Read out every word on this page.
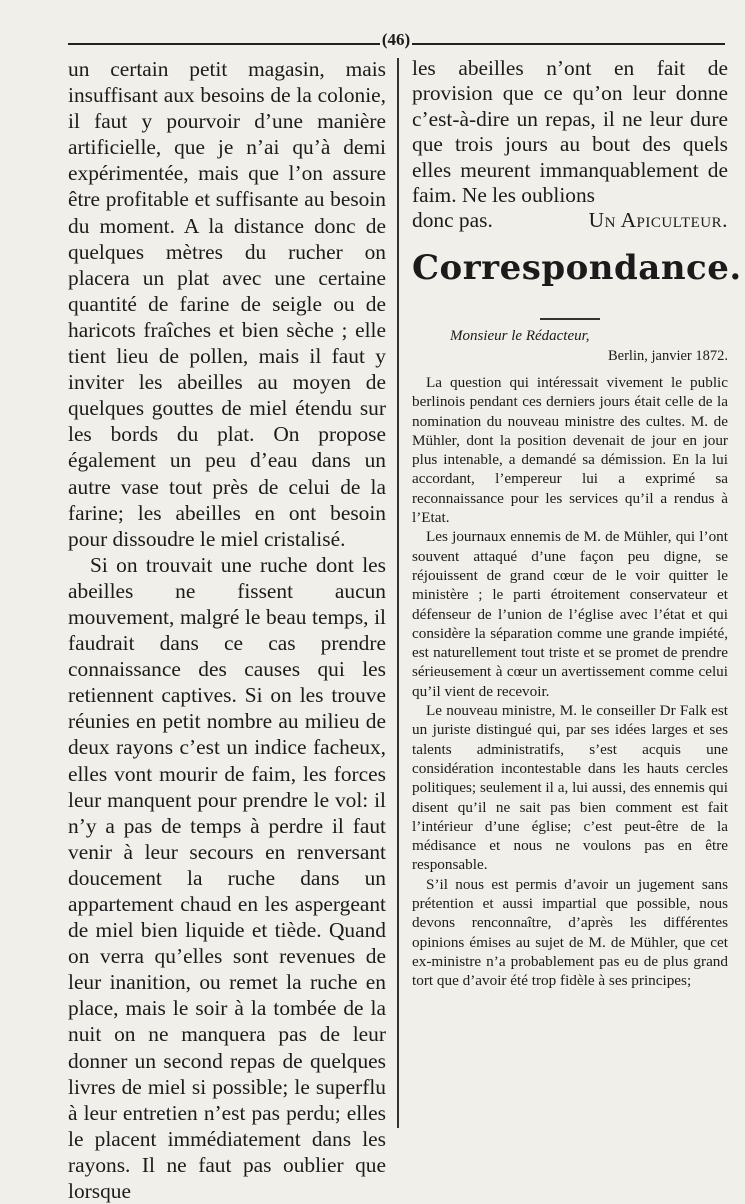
(46)

un certain petit magasin, mais insuffisant aux besoins de la colonie, il faut y pourvoir d’une manière artificielle, que je n’ai qu’à demi expérimentée, mais que l’on assure être profitable et suffisante au besoin du moment. A la distance donc de quelques mètres du rucher on placera un plat avec une certaine quantité de farine de seigle ou de haricots fraîches et bien sèche ; elle tient lieu de pollen, mais il faut y inviter les abeilles au moyen de quelques gouttes de miel étendu sur les bords du plat. On propose également un peu d’eau dans un autre vase tout près de celui de la farine; les abeilles en ont besoin pour dissoudre le miel cristalisé.

Si on trouvait une ruche dont les abeilles ne fissent aucun mouvement, malgré le beau temps, il faudrait dans ce cas prendre connaissance des causes qui les retiennent captives. Si on les trouve réunies en petit nombre au milieu de deux rayons c’est un indice facheux, elles vont mourir de faim, les forces leur manquent pour prendre le vol: il n’y a pas de temps à perdre il faut venir à leur secours en renversant doucement la ruche dans un appartement chaud en les aspergeant de miel bien liquide et tiède. Quand on verra qu’elles sont revenues de leur inanition, ou remet la ruche en place, mais le soir à la tombée de la nuit on ne manquera pas de leur donner un second repas de quelques livres de miel si possible; le superflu à leur entretien n’est pas perdu; elles le placent immédiatement dans les rayons. Il ne faut pas oublier que lorsque

les abeilles n’ont en fait de provision que ce qu’on leur donne c’est-à-dire un repas, il ne leur dure que trois jours au bout des quels elles meurent immanquablement de faim. Ne les oublions

donc pas.	Un Apiculteur.
Correspondance.
Monsieur le Rédacteur,
Berlin, janvier 1872.

La question qui intéressait vivement le public berlinois pendant ces derniers jours était celle de la nomination du nouveau ministre des cultes. M. de Mühler, dont la position devenait de jour en jour plus intenable, a demandé sa démission. En la lui accordant, l’empereur lui a exprimé sa reconnaissance pour les services qu’il a rendus à l’Etat.

Les journaux ennemis de M. de Mühler, qui l’ont souvent attaqué d’une façon peu digne, se réjouissent de grand cœur de le voir quitter le ministère ; le parti étroitement conservateur et défenseur de l’union de l’église avec l’état et qui considère la séparation comme une grande impiété, est naturellement tout triste et se promet de prendre sérieusement à cœur un avertissement comme celui qu’il vient de recevoir.

Le nouveau ministre, M. le conseiller Dr Falk est un juriste distingué qui, par ses idées larges et ses talents administratifs, s’est acquis une considération incontestable dans les hauts cercles politiques; seulement il a, lui aussi, des ennemis qui disent qu’il ne sait pas bien comment est fait l’intérieur d’une église; c’est peut-être de la médisance et nous ne voulons pas en être responsable.

S’il nous est permis d’avoir un jugement sans prétention et aussi impartial que possible, nous devons renconnaître, d’après les différentes opinions émises au sujet de M. de Mühler, que cet ex-ministre n’a probablement pas eu de plus grand tort que d’avoir été trop fidèle à ses principes;
